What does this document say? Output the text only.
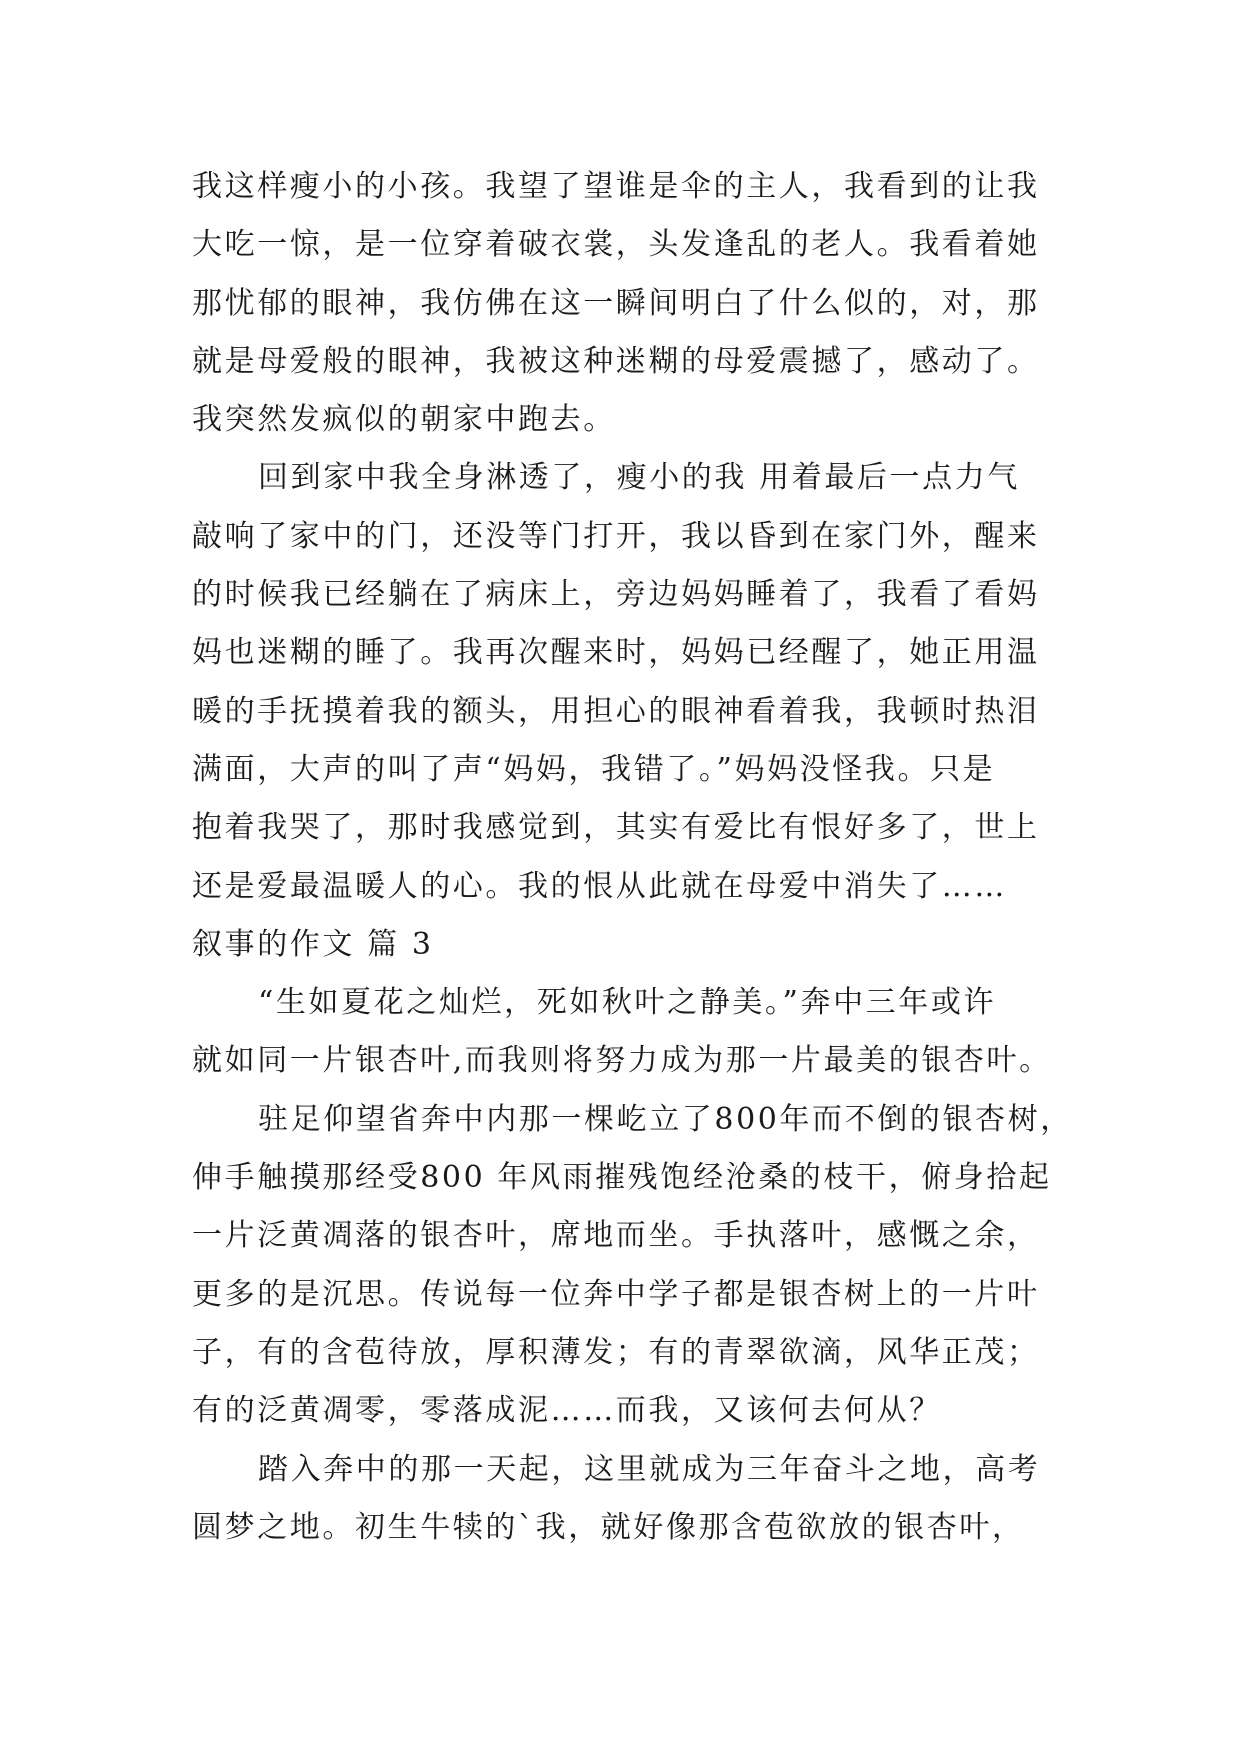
我这样瘦小的小孩。我望了望谁是伞的主人，我看到的让我
大吃一惊，是一位穿着破衣裳，头发逢乱的老人。我看着她
那忧郁的眼神，我仿佛在这一瞬间明白了什么似的，对，那
就是母爱般的眼神，我被这种迷糊的母爱震撼了，感动了。
我突然发疯似的朝家中跑去。
回到家中我全身淋透了，瘦小的我 用着最后一点力气
敲响了家中的门，还没等门打开，我以昏到在家门外，醒来
的时候我已经躺在了病床上，旁边妈妈睡着了，我看了看妈
妈也迷糊的睡了。我再次醒来时，妈妈已经醒了，她正用温
暖的手抚摸着我的额头，用担心的眼神看着我，我顿时热泪
满面，大声的叫了声“妈妈，我错了。”妈妈没怪我。只是
抱着我哭了，那时我感觉到，其实有爱比有恨好多了，世上
还是爱最温暖人的心。我的恨从此就在母爱中消失了……
叙事的作文 篇 3
“生如夏花之灿烂，死如秋叶之静美。”奔中三年或许
就如同一片银杏叶,而我则将努力成为那一片最美的银杏叶。
驻足仰望省奔中内那一棵屹立了800年而不倒的银杏树，
伸手触摸那经受800 年风雨摧残饱经沧桑的枝干，俯身拾起
一片泛黄凋落的银杏叶，席地而坐。手执落叶，感慨之余，
更多的是沉思。传说每一位奔中学子都是银杏树上的一片叶
子，有的含苞待放，厚积薄发；有的青翠欲滴，风华正茂；
有的泛黄凋零，零落成泥……而我，又该何去何从？
踏入奔中的那一天起，这里就成为三年奋斗之地，高考
圆梦之地。初生牛犊的`我，就好像那含苞欲放的银杏叶，
